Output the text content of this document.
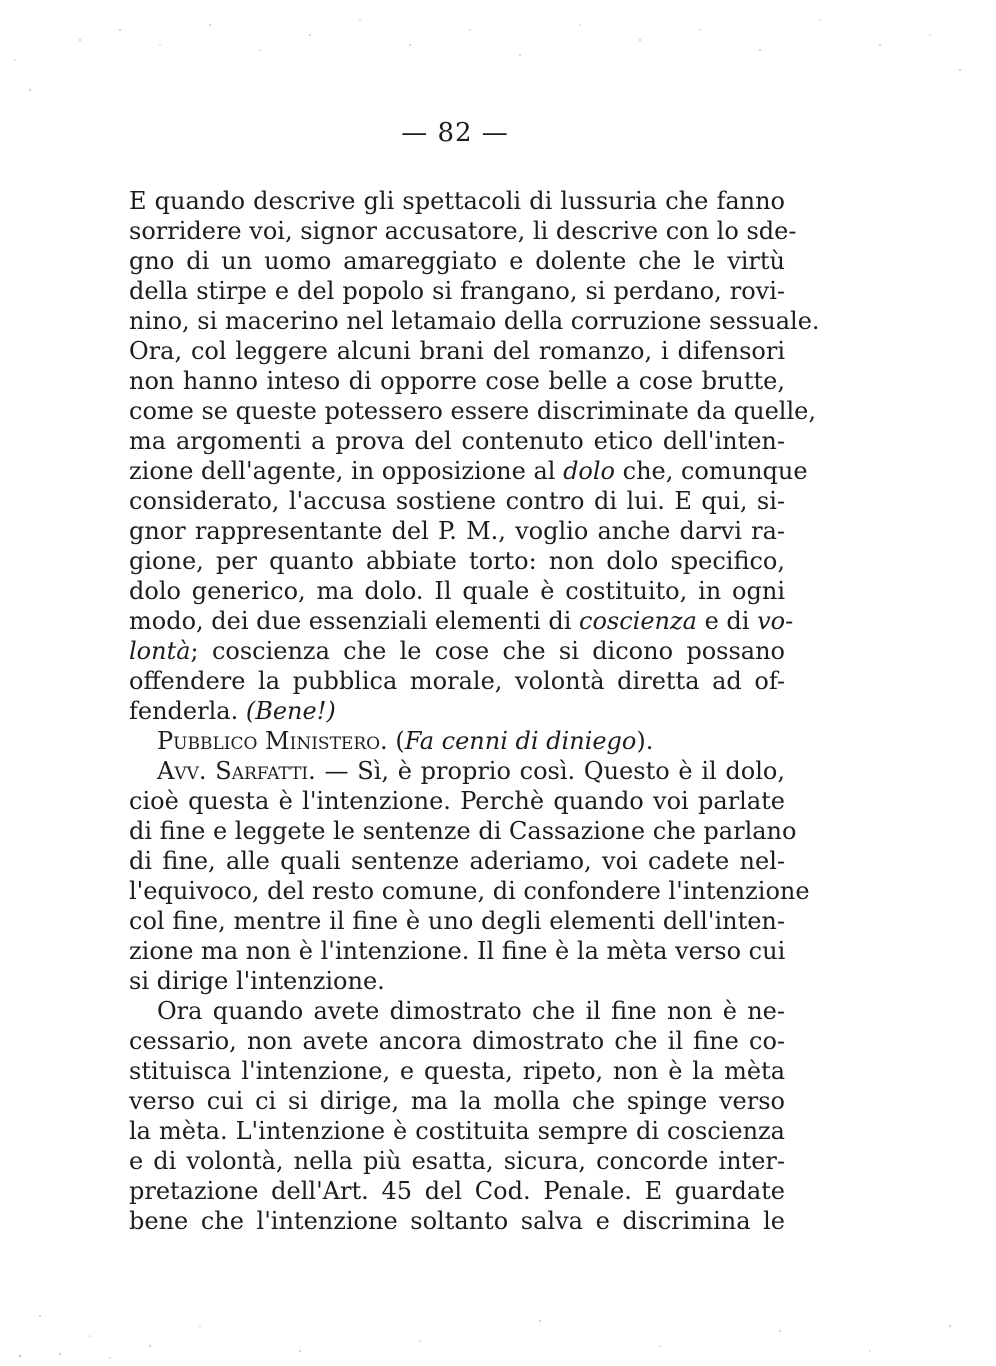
— 82 —
E quando descrive gli spettacoli di lussuria che fanno
sorridere voi, signor accusatore, li descrive con lo sde-
gno di un uomo amareggiato e dolente che le virtù
della stirpe e del popolo si frangano, si perdano, rovi-
nino, si macerino nel letamaio della corruzione sessuale.
Ora, col leggere alcuni brani del romanzo, i difensori
non hanno inteso di opporre cose belle a cose brutte,
come se queste potessero essere discriminate da quelle,
ma argomenti a prova del contenuto etico dell'inten-
zione dell'agente, in opposizione al dolo che, comunque
considerato, l'accusa sostiene contro di lui. E qui, si-
gnor rappresentante del P. M., voglio anche darvi ra-
gione, per quanto abbiate torto: non dolo specifico,
dolo generico, ma dolo. Il quale è costituito, in ogni
modo, dei due essenziali elementi di coscienza e di vo-
lontà; coscienza che le cose che si dicono possano
offendere la pubblica morale, volontà diretta ad of-
fenderla. (Bene!)
Pubblico Ministero. (Fa cenni di diniego).
Avv. Sarfatti. — Sì, è proprio così. Questo è il dolo,
cioè questa è l'intenzione. Perchè quando voi parlate
di fine e leggete le sentenze di Cassazione che parlano
di fine, alle quali sentenze aderiamo, voi cadete nel-
l'equivoco, del resto comune, di confondere l'intenzione
col fine, mentre il fine è uno degli elementi dell'inten-
zione ma non è l'intenzione. Il fine è la mèta verso cui
si dirige l'intenzione.
Ora quando avete dimostrato che il fine non è ne-
cessario, non avete ancora dimostrato che il fine co-
stituisca l'intenzione, e questa, ripeto, non è la mèta
verso cui ci si dirige, ma la molla che spinge verso
la mèta. L'intenzione è costituita sempre di coscienza
e di volontà, nella più esatta, sicura, concorde inter-
pretazione dell'Art. 45 del Cod. Penale. E guardate
bene che l'intenzione soltanto salva e discrimina le
